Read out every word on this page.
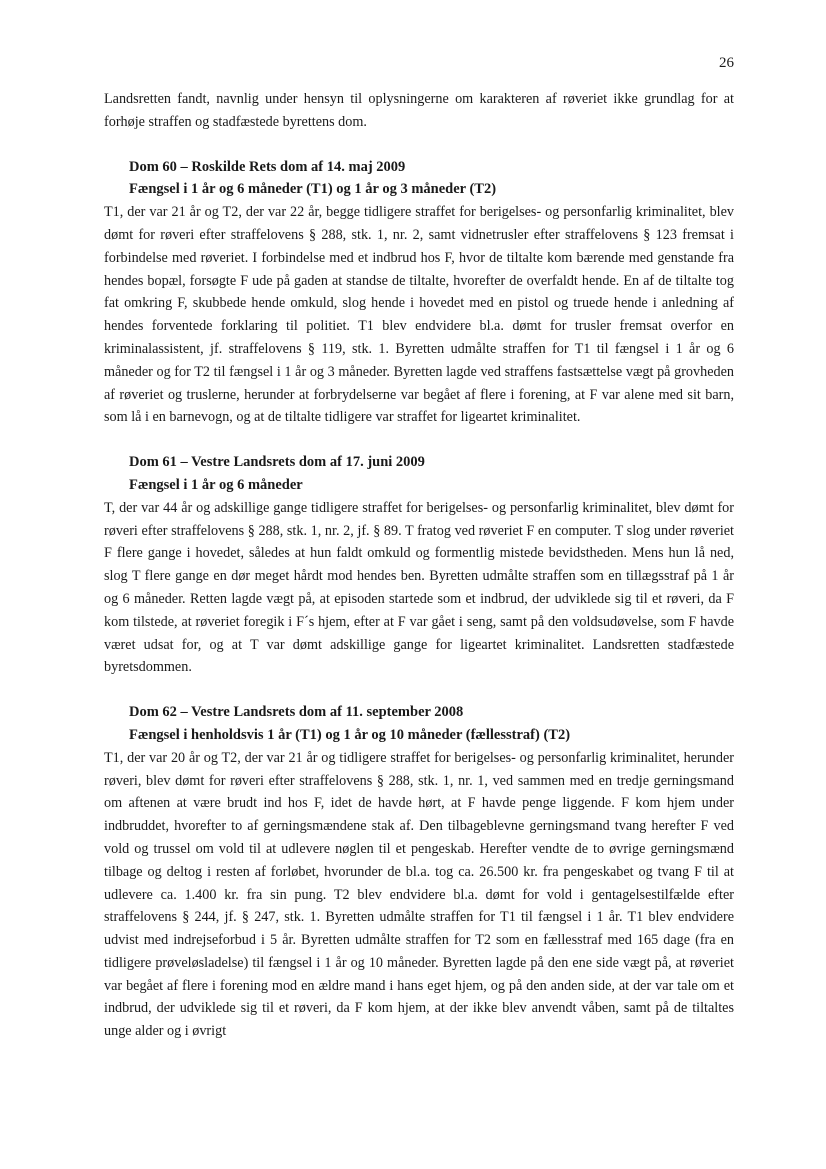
26

Landsretten fandt, navnlig under hensyn til oplysningerne om karakteren af røveriet ikke grundlag for at forhøje straffen og stadfæstede byrettens dom.

Dom 60 – Roskilde Rets dom af 14. maj 2009
Fængsel i 1 år og 6 måneder (T1) og 1 år og 3 måneder (T2)

T1, der var 21 år og T2, der var 22 år, begge tidligere straffet for berigelses- og personfarlig kriminalitet, blev dømt for røveri efter straffelovens § 288, stk. 1, nr. 2, samt vidnetrusler efter straffelovens § 123 fremsat i forbindelse med røveriet. I forbindelse med et indbrud hos F, hvor de tiltalte kom bærende med genstande fra hendes bopæl, forsøgte F ude på gaden at standse de tiltalte, hvorefter de overfaldt hende. En af de tiltalte tog fat omkring F, skubbede hende omkuld, slog hende i hovedet med en pistol og truede hende i anledning af hendes forventede forklaring til politiet. T1 blev endvidere bl.a. dømt for trusler fremsat overfor en kriminalassistent, jf. straffelovens § 119, stk. 1. Byretten udmålte straffen for T1 til fængsel i 1 år og 6 måneder og for T2 til fængsel i 1 år og 3 måneder. Byretten lagde ved straffens fastsættelse vægt på grovheden af røveriet og truslerne, herunder at forbrydelserne var begået af flere i forening, at F var alene med sit barn, som lå i en barnevogn, og at de tiltalte tidligere var straffet for ligeartet kriminalitet.

Dom 61 – Vestre Landsrets dom af 17. juni 2009
Fængsel i 1 år og 6 måneder

T, der var 44 år og adskillige gange tidligere straffet for berigelses- og personfarlig kriminalitet, blev dømt for røveri efter straffelovens § 288, stk. 1, nr. 2, jf. § 89. T fratog ved røveriet F en computer. T slog under røveriet F flere gange i hovedet, således at hun faldt omkuld og formentlig mistede bevidstheden. Mens hun lå ned, slog T flere gange en dør meget hårdt mod hendes ben. Byretten udmålte straffen som en tillægsstraf på 1 år og 6 måneder. Retten lagde vægt på, at episoden startede som et indbrud, der udviklede sig til et røveri, da F kom tilstede, at røveriet foregik i F´s hjem, efter at F var gået i seng, samt på den voldsudøvelse, som F havde været udsat for, og at T var dømt adskillige gange for ligeartet kriminalitet. Landsretten stadfæstede byretsdommen.

Dom 62 – Vestre Landsrets dom af 11. september 2008
Fængsel i henholdsvis 1 år (T1) og 1 år og 10 måneder (fællesstraf) (T2)

T1, der var 20 år og T2, der var 21 år og tidligere straffet for berigelses- og personfarlig kriminalitet, herunder røveri, blev dømt for røveri efter straffelovens § 288, stk. 1, nr. 1, ved sammen med en tredje gerningsmand om aftenen at være brudt ind hos F, idet de havde hørt, at F havde penge liggende. F kom hjem under indbruddet, hvorefter to af gerningsmændene stak af. Den tilbageblevne gerningsmand tvang herefter F ved vold og trussel om vold til at udlevere nøglen til et pengeskab. Herefter vendte de to øvrige gerningsmænd tilbage og deltog i resten af forløbet, hvorunder de bl.a. tog ca. 26.500 kr. fra pengeskabet og tvang F til at udlevere ca. 1.400 kr. fra sin pung. T2 blev endvidere bl.a. dømt for vold i gentagelsestilfælde efter straffelovens § 244, jf. § 247, stk. 1. Byretten udmålte straffen for T1 til fængsel i 1 år. T1 blev endvidere udvist med indrejseforbud i 5 år. Byretten udmålte straffen for T2 som en fællesstraf med 165 dage (fra en tidligere prøveløsladelse) til fængsel i 1 år og 10 måneder. Byretten lagde på den ene side vægt på, at røveriet var begået af flere i forening mod en ældre mand i hans eget hjem, og på den anden side, at der var tale om et indbrud, der udviklede sig til et røveri, da F kom hjem, at der ikke blev anvendt våben, samt på de tiltaltes unge alder og i øvrigt
